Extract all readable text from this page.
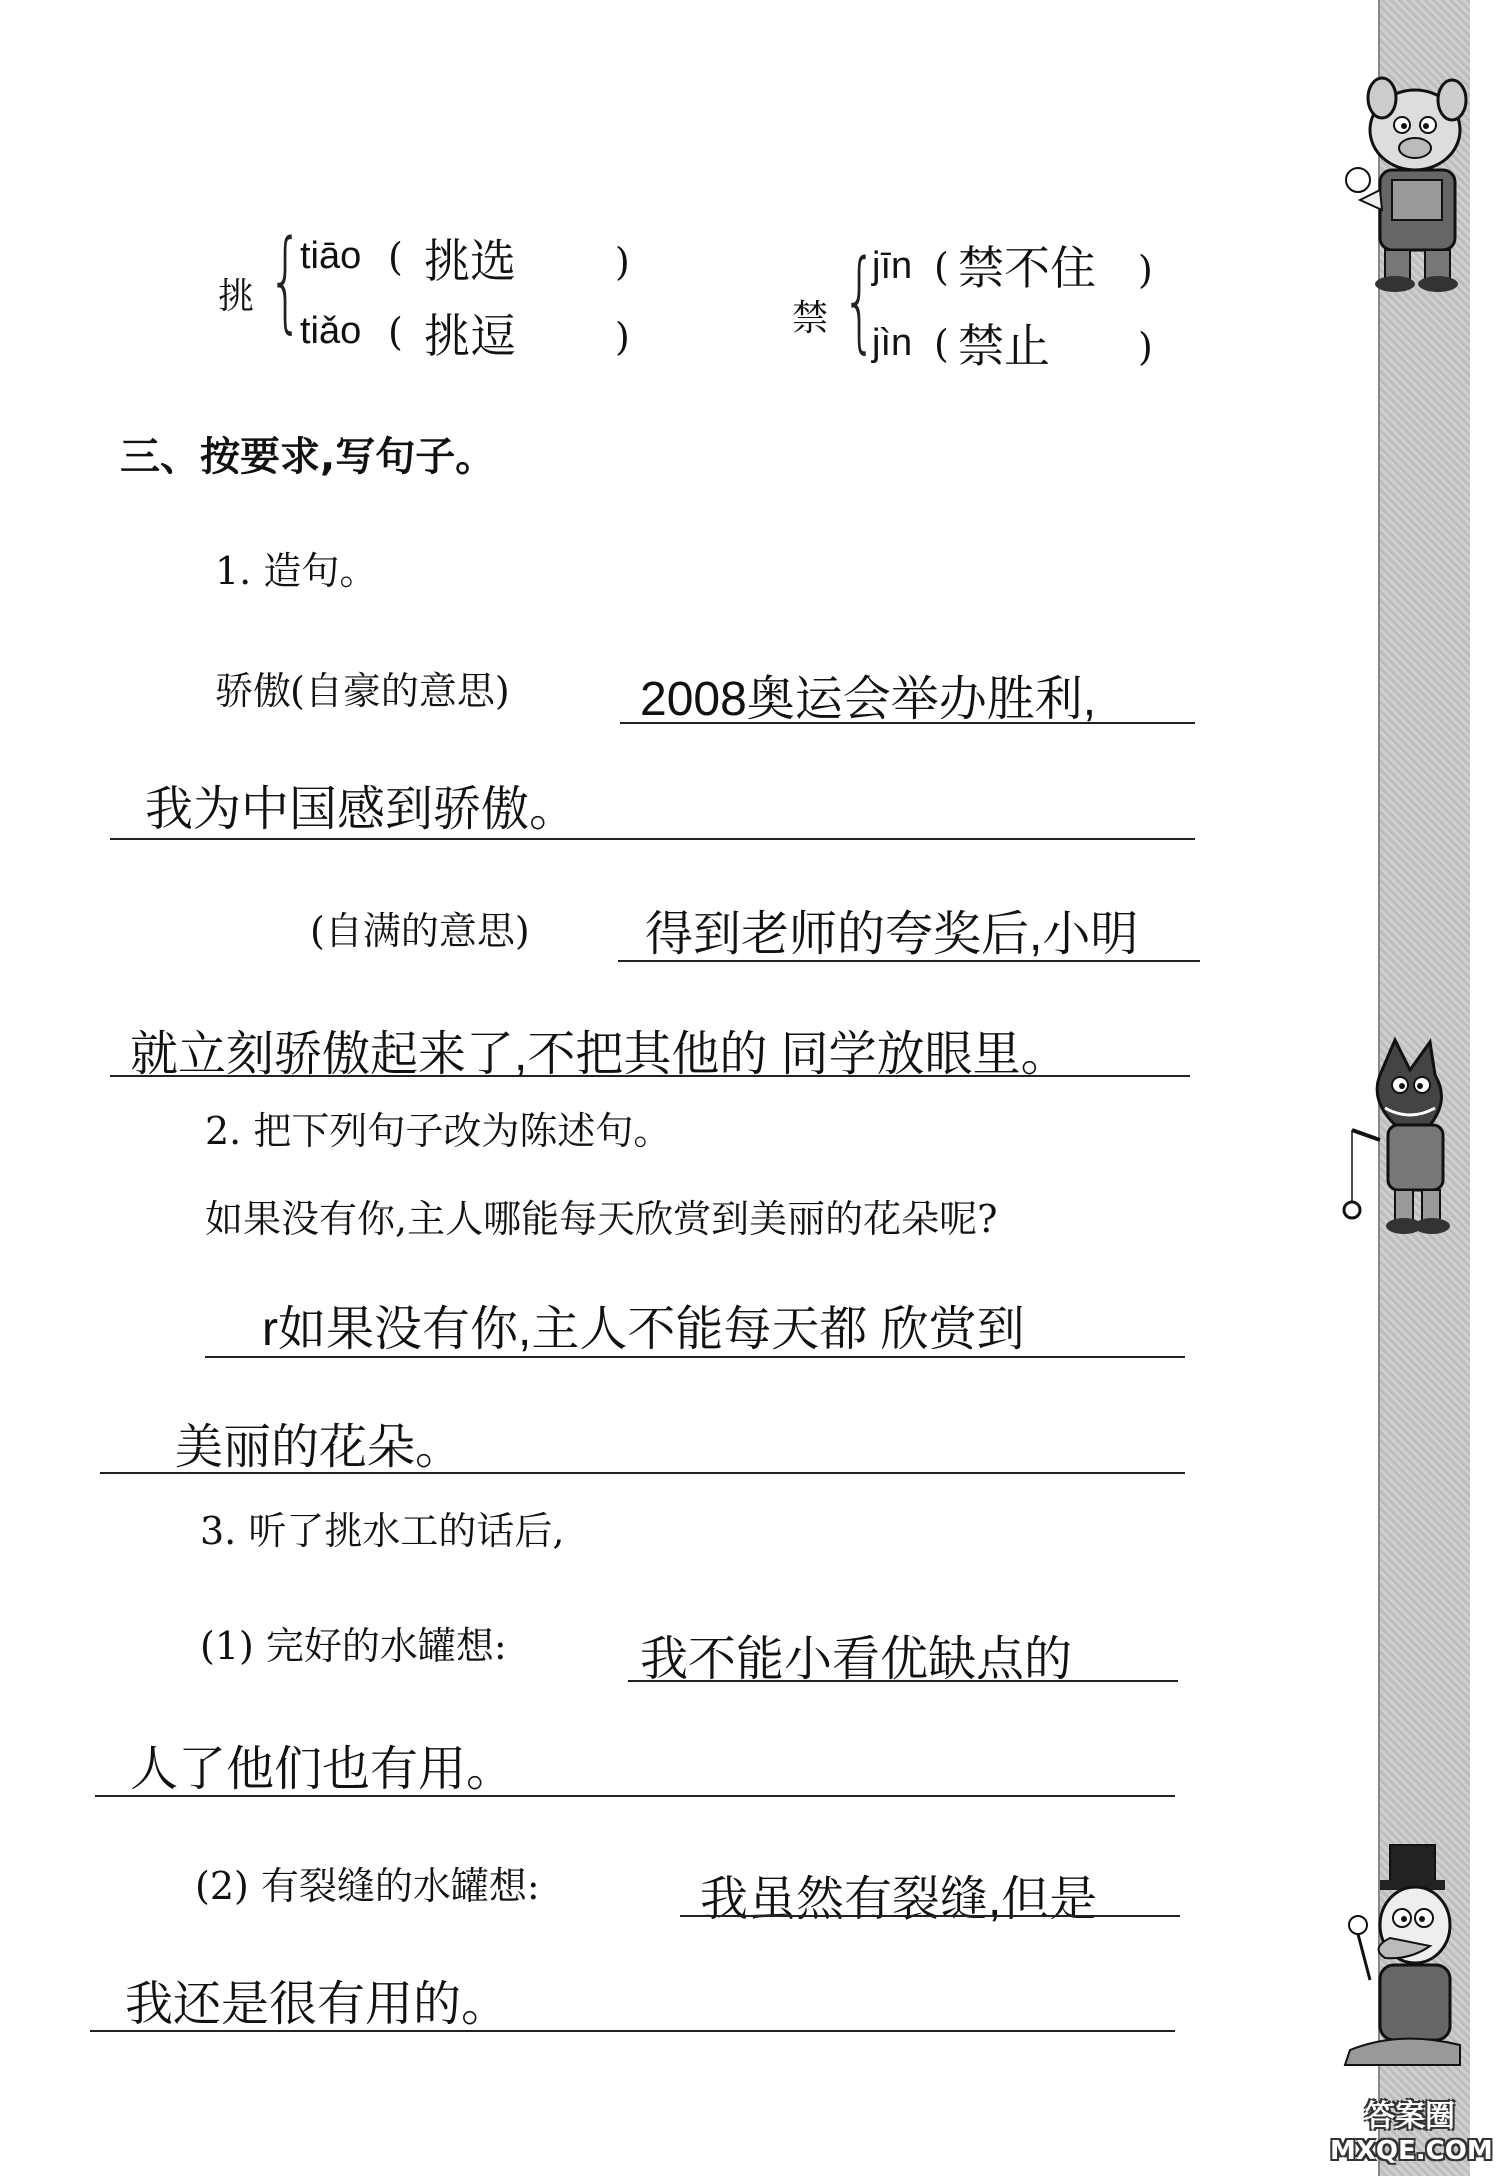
挑 {
tiāo ( 挑选	)
tiǎo ( 挑逗	)	禁 {
jīn ( 禁不住 )
jìn ( 禁止 )
三、按要求,写句子。
1. 造句。
骄傲
(自豪的意思)	2008奥运会举办胜利,
我为中国感到骄傲。
(自满的意思) 得到老师的夸奖后,小明
就立刻骄傲起来了,不把其他的 同学放眼里。
2. 把下列句子改为陈述句。
如果没有你,主人哪能每天欣赏到美丽的花朵呢?
r如果没有你,主人不能每天都 欣赏到
美丽的花朵。
3. 听了挑水工的话后,
(1) 完好的水罐想:	我不能小看优缺点的
人了他们也有用。
(2) 有裂缝的水罐想:	我虽然有裂缝,但是
我还是很有用的。
答案圈
MXQE.COM
